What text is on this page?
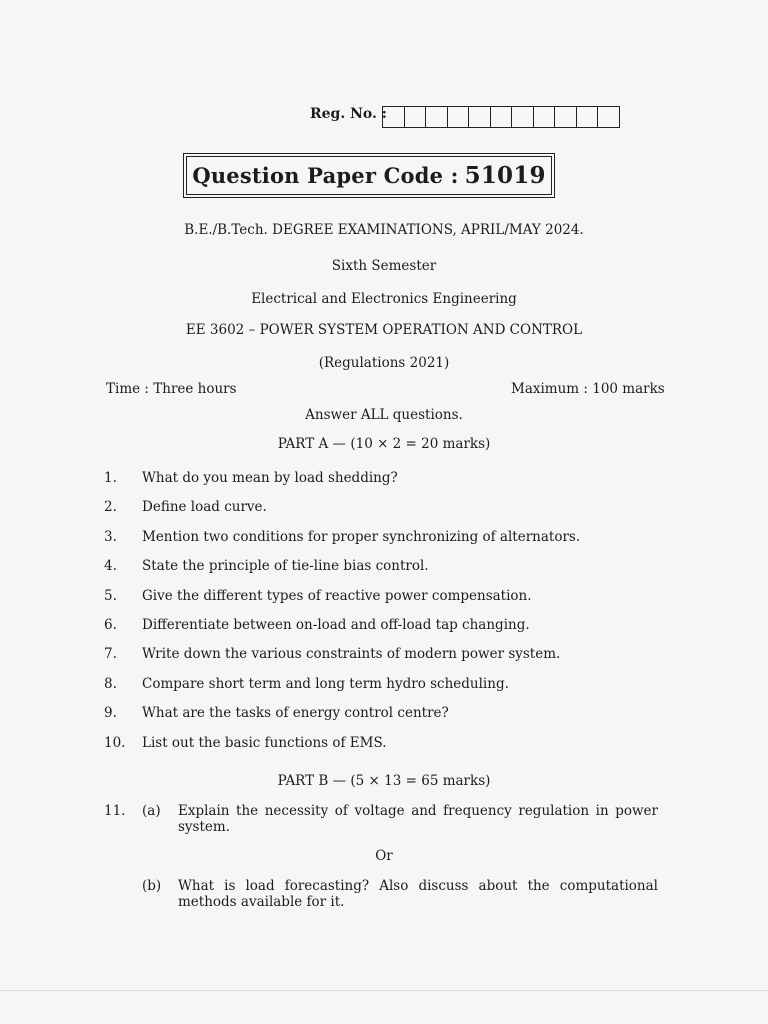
Reg. No. :
Question Paper Code : 51019
B.E./B.Tech. DEGREE EXAMINATIONS, APRIL/MAY 2024.
Sixth Semester
Electrical and Electronics Engineering
EE 3602 – POWER SYSTEM OPERATION AND CONTROL
(Regulations 2021)
Time : Three hours	Maximum : 100 marks
Answer ALL questions.
PART A — (10 × 2 = 20 marks)
1.	What do you mean by load shedding?
2.	Define load curve.
3.	Mention two conditions for proper synchronizing of alternators.
4.	State the principle of tie-line bias control.
5.	Give the different types of reactive power compensation.
6.	Differentiate between on-load and off-load tap changing.
7.	Write down the various constraints of modern power system.
8.	Compare short term and long term hydro scheduling.
9.	What are the tasks of energy control centre?
10.	List out the basic functions of EMS.
PART B — (5 × 13 = 65 marks)
11.	(a) Explain the necessity of voltage and frequency regulation in power system.
Or
(b) What is load forecasting? Also discuss about the computational methods available for it.
